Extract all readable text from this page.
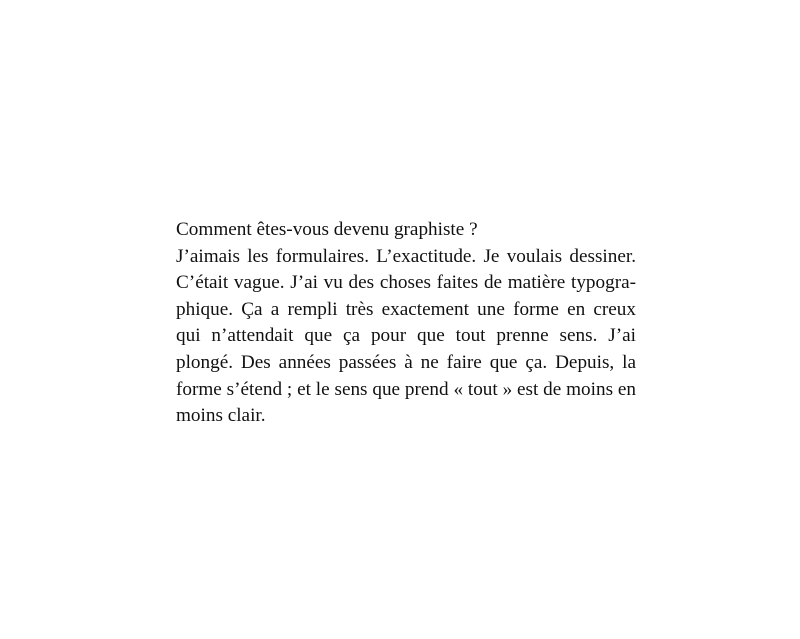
Comment êtes-vous devenu graphiste ?
J’aimais les formulaires. L’exactitude. Je voulais dessiner.
C’était vague. J’ai vu des choses faites de matière typogra-
phique. Ça a rempli très exactement une forme en creux
qui n’attendait que ça pour que tout prenne sens. J’ai
plongé. Des années passées à ne faire que ça. Depuis, la
forme s’étend ; et le sens que prend « tout » est de moins en
moins clair.
